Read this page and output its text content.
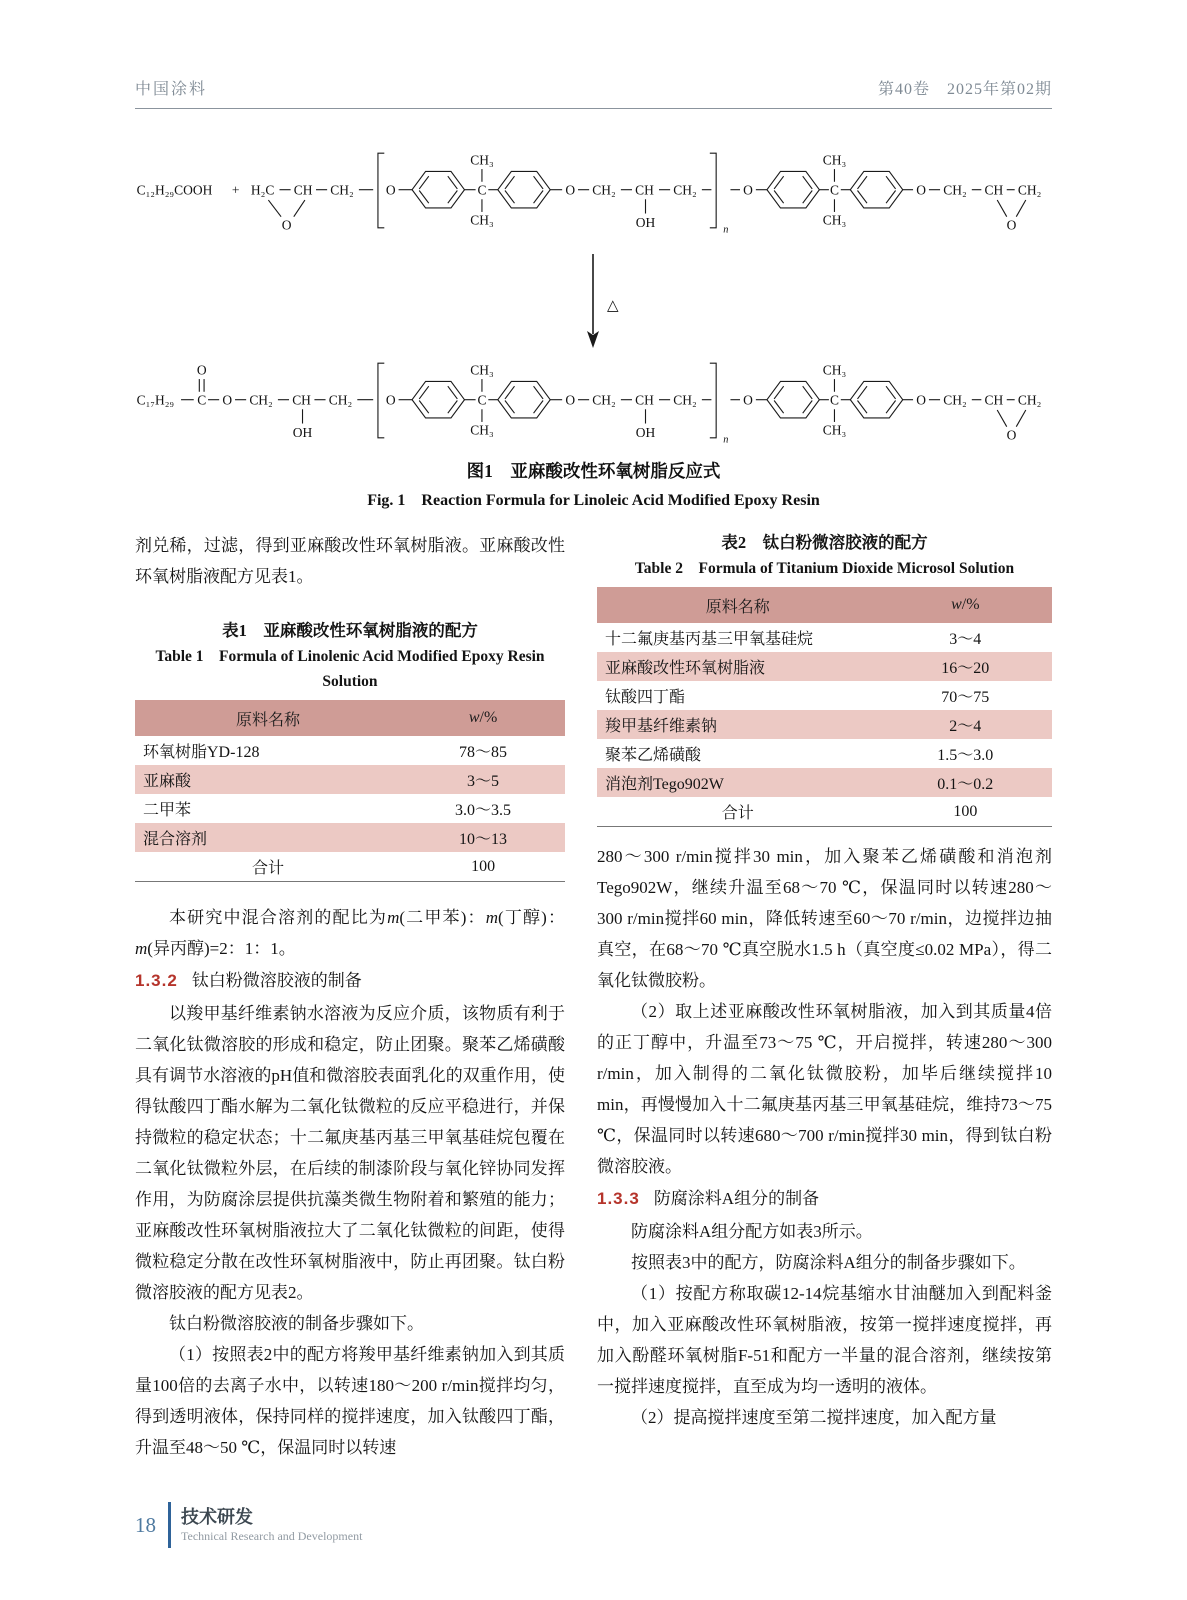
中国涂料	第40卷　2025年第02期
C₁₂H₂₉COOH + H₂C CH CH₂
O
O	C
CH₃
CH₃
O CH₂ CH
OH
CH₂
n
O	C
CH₃
CH₃
O CH₂ CH CH₂
O
△
C₁₇H₂₉ C
O
O CH₂ CH
OH
CH₂ O	C
CH₃
CH₃
O CH₂ CH
OH
CH₂
n
O	C
CH₃
CH₃
O CH₂ CH CH₂
O
图1　亚麻酸改性环氧树脂反应式
Fig. 1　Reaction Formula for Linoleic Acid Modified Epoxy Resin

剂兑稀，过滤，得到亚麻酸改性环氧树脂液。亚麻酸改性环氧树脂液配方见表1。

表1　亚麻酸改性环氧树脂液的配方

Table 1　Formula of Linolenic Acid Modified Epoxy Resin Solution

原料名称	w/%
环氧树脂YD-128	78～85
亚麻酸	3～5
二甲苯	3.0～3.5
混合溶剂	10～13
合计	100

本研究中混合溶剂的配比为m(二甲苯)：m(丁醇)：m(异丙醇)=2：1：1。

1.3.2 钛白粉微溶胶液的制备

以羧甲基纤维素钠水溶液为反应介质，该物质有利于二氧化钛微溶胶的形成和稳定，防止团聚。聚苯乙烯磺酸具有调节水溶液的pH值和微溶胶表面乳化的双重作用，使得钛酸四丁酯水解为二氧化钛微粒的反应平稳进行，并保持微粒的稳定状态；十二氟庚基丙基三甲氧基硅烷包覆在二氧化钛微粒外层，在后续的制漆阶段与氧化锌协同发挥作用，为防腐涂层提供抗藻类微生物附着和繁殖的能力；亚麻酸改性环氧树脂液拉大了二氧化钛微粒的间距，使得微粒稳定分散在改性环氧树脂液中，防止再团聚。钛白粉微溶胶液的配方见表2。

钛白粉微溶胶液的制备步骤如下。

（1）按照表2中的配方将羧甲基纤维素钠加入到其质量100倍的去离子水中，以转速180～200 r/min搅拌均匀，得到透明液体，保持同样的搅拌速度，加入钛酸四丁酯，升温至48～50 ℃，保温同时以转速

表2　钛白粉微溶胶液的配方

Table 2　Formula of Titanium Dioxide Microsol Solution

原料名称	w/%
十二氟庚基丙基三甲氧基硅烷	3～4
亚麻酸改性环氧树脂液	16～20
钛酸四丁酯	70～75
羧甲基纤维素钠	2～4
聚苯乙烯磺酸	1.5～3.0
消泡剂Tego902W	0.1～0.2
合计	100

280～300 r/min搅拌30 min，加入聚苯乙烯磺酸和消泡剂Tego902W，继续升温至68～70 ℃，保温同时以转速280～300 r/min搅拌60 min，降低转速至60～70 r/min，边搅拌边抽真空，在68～70 ℃真空脱水1.5 h（真空度≤0.02 MPa），得二氧化钛微胶粉。

（2）取上述亚麻酸改性环氧树脂液，加入到其质量4倍的正丁醇中，升温至73～75 ℃，开启搅拌，转速280～300 r/min，加入制得的二氧化钛微胶粉，加毕后继续搅拌10 min，再慢慢加入十二氟庚基丙基三甲氧基硅烷，维持73～75 ℃，保温同时以转速680～700 r/min搅拌30 min，得到钛白粉微溶胶液。

1.3.3 防腐涂料A组分的制备

防腐涂料A组分配方如表3所示。

按照表3中的配方，防腐涂料A组分的制备步骤如下。

（1）按配方称取碳12-14烷基缩水甘油醚加入到配料釜中，加入亚麻酸改性环氧树脂液，按第一搅拌速度搅拌，再加入酚醛环氧树脂F-51和配方一半量的混合溶剂，继续按第一搅拌速度搅拌，直至成为均一透明的液体。

（2）提高搅拌速度至第二搅拌速度，加入配方量

18 技术研发
Technical Research and Development
